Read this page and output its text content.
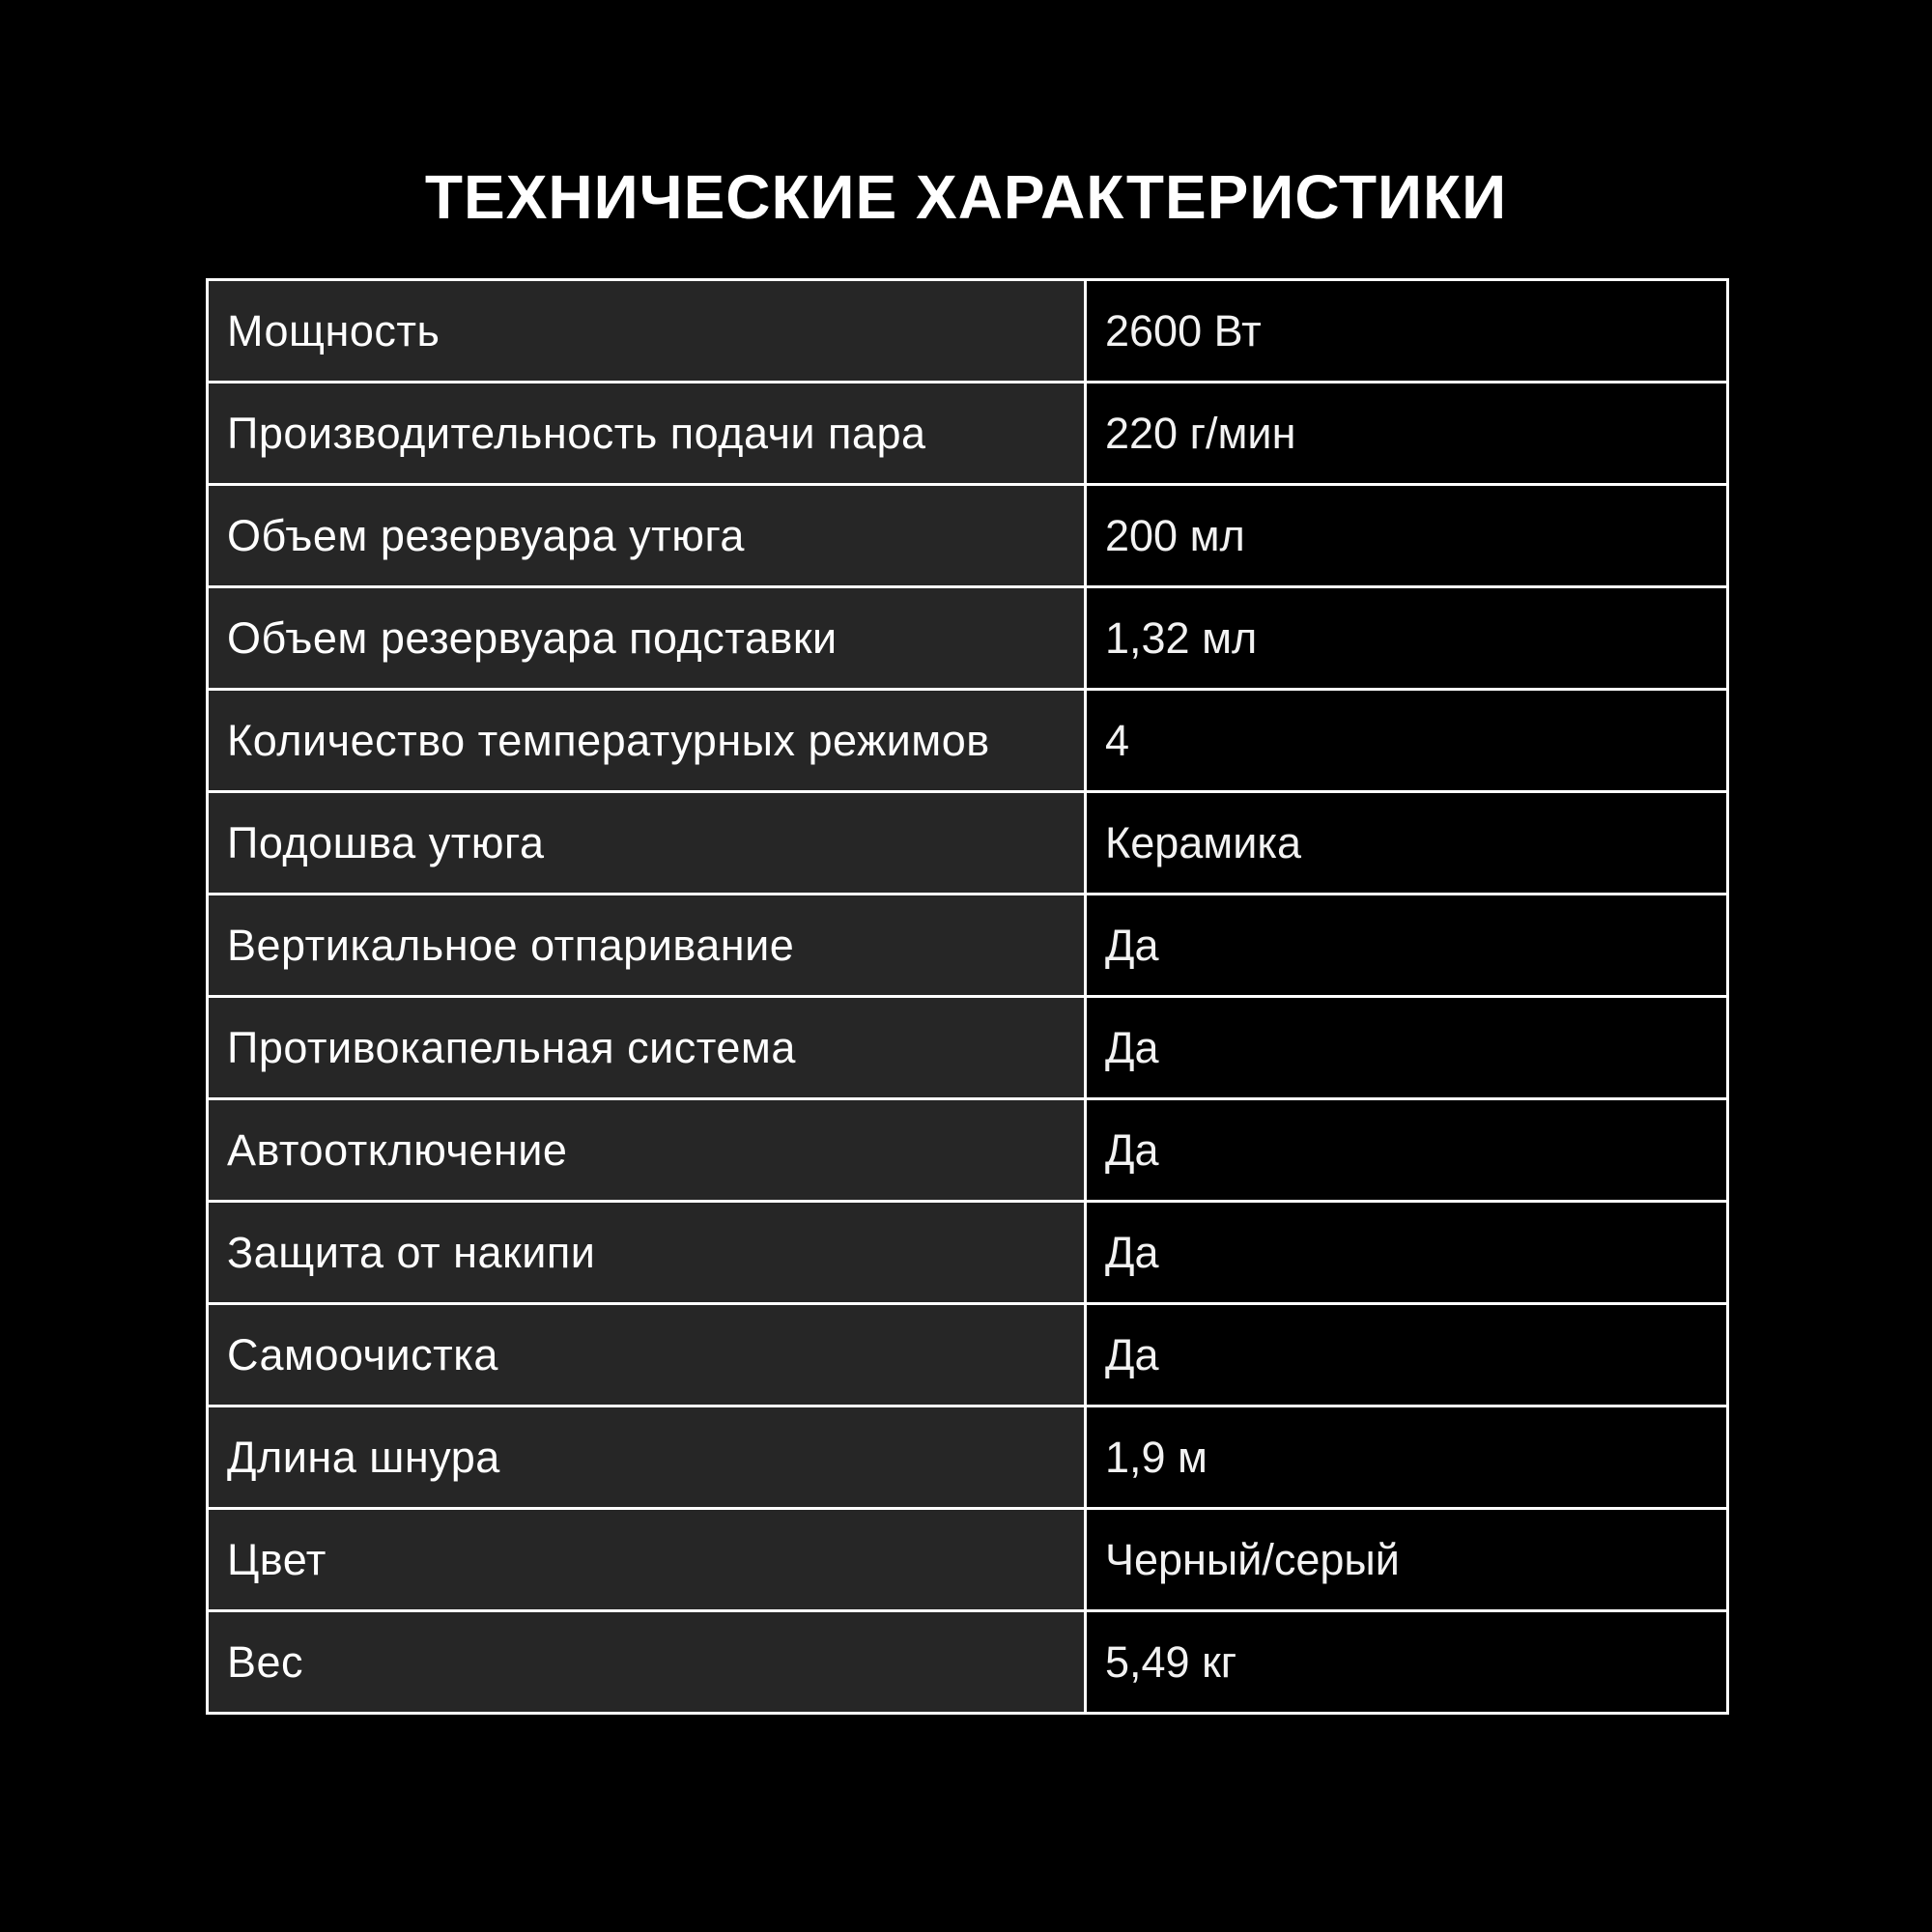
ТЕХНИЧЕСКИЕ ХАРАКТЕРИСТИКИ
Мощность	2600 Вт
Производительность подачи пара	220 г/мин
Объем резервуара утюга	200 мл
Объем резервуара подставки	1,32 мл
Количество температурных режимов	4
Подошва утюга	Керамика
Вертикальное отпаривание	Да
Противокапельная система	Да
Автоотключение	Да
Защита от накипи	Да
Самоочистка	Да
Длина шнура	1,9 м
Цвет	Черный/серый
Вес	5,49 кг
